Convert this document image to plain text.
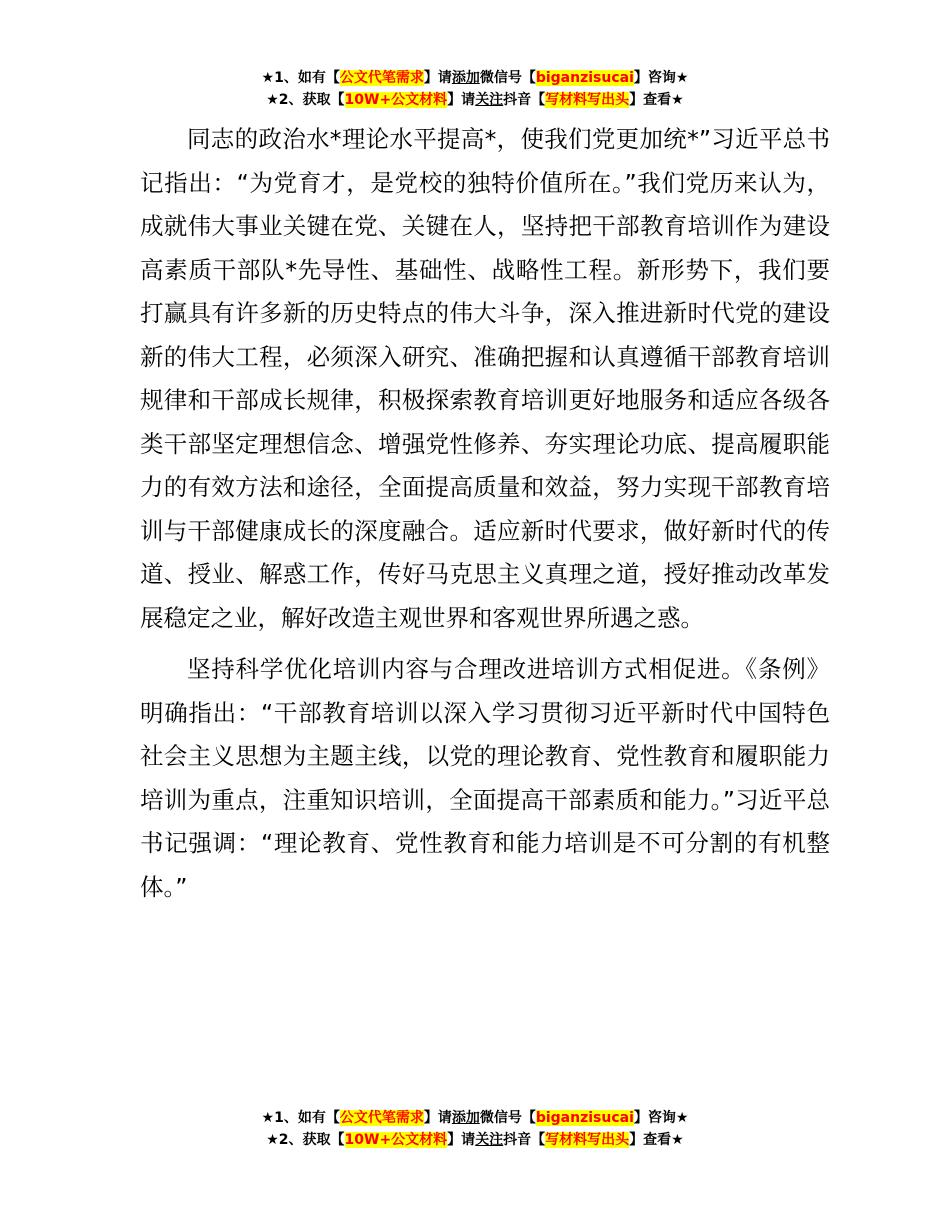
★1、如有【公文代笔需求】请添加微信号【biganzisucai】咨询★
★2、获取【10W+公文材料】请关注抖音【写材料写出头】查看★

同志的政治水*理论水平提高*，使我们党更加统*”习近平总书记指出：“为党育才，是党校的独特价值所在。”我们党历来认为，成就伟大事业关键在党、关键在人，坚持把干部教育培训作为建设高素质干部队*先导性、基础性、战略性工程。新形势下，我们要打赢具有许多新的历史特点的伟大斗争，深入推进新时代党的建设新的伟大工程，必须深入研究、准确把握和认真遵循干部教育培训规律和干部成长规律，积极探索教育培训更好地服务和适应各级各类干部坚定理想信念、增强党性修养、夯实理论功底、提高履职能力的有效方法和途径，全面提高质量和效益，努力实现干部教育培训与干部健康成长的深度融合。适应新时代要求，做好新时代的传道、授业、解惑工作，传好马克思主义真理之道，授好推动改革发展稳定之业，解好改造主观世界和客观世界所遇之惑。

坚持科学优化培训内容与合理改进培训方式相促进。《条例》明确指出：“干部教育培训以深入学习贯彻习近平新时代中国特色社会主义思想为主题主线，以党的理论教育、党性教育和履职能力培训为重点，注重知识培训，全面提高干部素质和能力。”习近平总书记强调：“理论教育、党性教育和能力培训是不可分割的有机整体。”

★1、如有【公文代笔需求】请添加微信号【biganzisucai】咨询★
★2、获取【10W+公文材料】请关注抖音【写材料写出头】查看★
